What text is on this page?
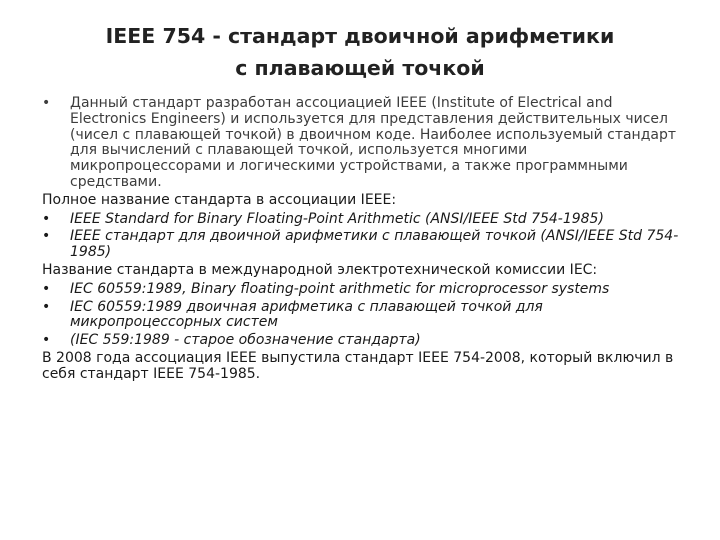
IEEE 754 - стандарт двоичной арифметики
с плавающей точкой
•	Данный стандарт разработан ассоциацией IEEE (Institute of Electrical and Electronics Engineers) и используется для представления действительных чисел (чисел с плавающей точкой) в двоичном коде. Наиболее используемый стандарт для вычислений с плавающей точкой, используется многими микропроцессорами и логическими устройствами, а также программными средствами.
Полное название стандарта в ассоциации IEEE:
•	IEEE Standard for Binary Floating-Point Arithmetic (ANSI/IEEE Std 754-1985)
•	IEEE стандарт для двоичной арифметики с плавающей точкой (ANSI/IEEE Std 754-1985)
Название стандарта в международной электротехнической комиссии IEC:
•	IEC 60559:1989, Binary floating-point arithmetic for microprocessor systems
•	IEC 60559:1989 двоичная арифметика с плавающей точкой для микропроцессорных систем
•	(IEC 559:1989 - старое обозначение стандарта)
В 2008 года ассоциация IEEE выпустила стандарт IEEE 754-2008, который включил в себя стандарт IEEE 754-1985.
